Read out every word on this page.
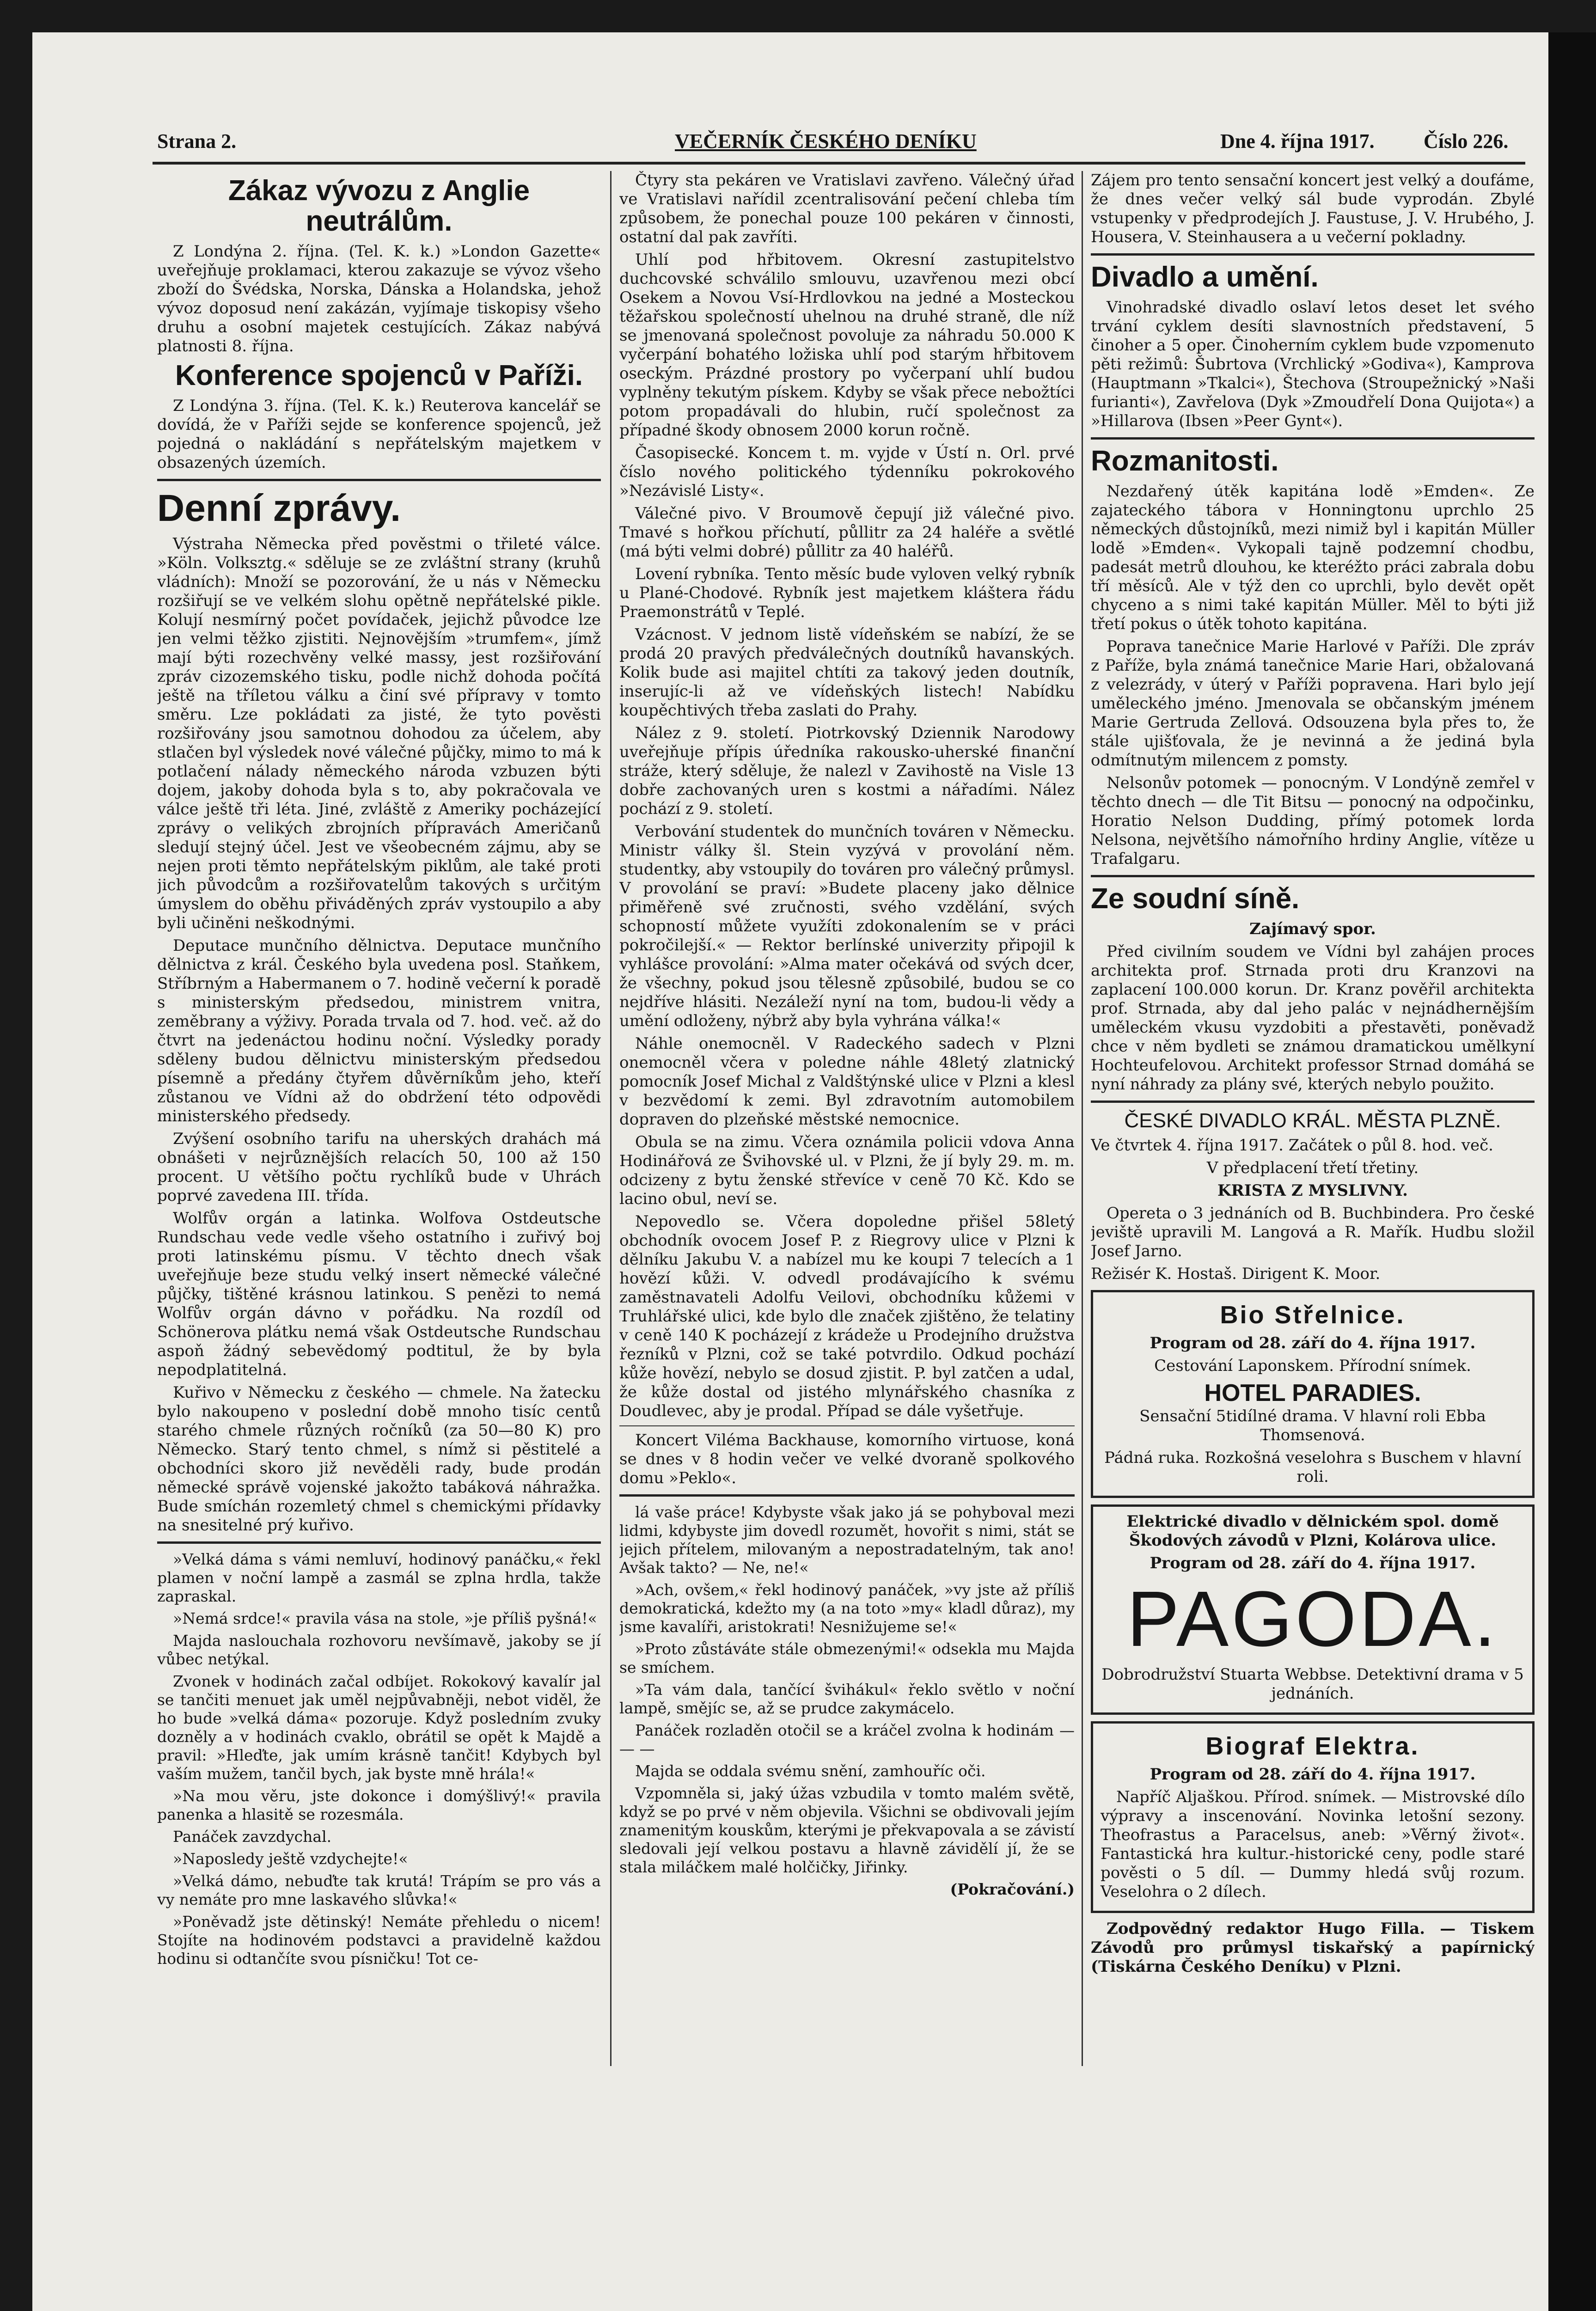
Strana 2.	VEČERNÍK ČESKÉHO DENÍKU	Dne 4. října 1917. Číslo 226.
Zákaz vývozu z Anglie neutrálům.

Z Londýna 2. října. (Tel. K. k.) »London Gazette« uveřejňuje proklamaci, kterou zakazuje se vývoz všeho zboží do Švédska, Norska, Dánska a Holandska, jehož vývoz doposud není zakázán, vyjímaje tiskopisy všeho druhu a osobní majetek cestujících. Zákaz nabývá platnosti 8. října.

Konference spojenců v Paříži.

Z Londýna 3. října. (Tel. K. k.) Reuterova kancelář se dovídá, že v Paříži sejde se konference spojenců, jež pojedná o nakládání s nepřátelským majetkem v obsazených územích.

Denní zprávy.

Výstraha Německa před pověstmi o třileté válce. »Köln. Volksztg.« sděluje se ze zvláštní strany (kruhů vládních): Množí se pozorování, že u nás v Německu rozšiřují se ve velkém slohu opětně nepřátelské pikle. Kolují nesmírný počet povídaček, jejichž původce lze jen velmi těžko zjistiti. Nejnovějším »trumfem«, jímž mají býti rozechvěny velké massy, jest rozšiřování zpráv cizozemského tisku, podle nichž dohoda počítá ještě na tříletou válku a činí své přípravy v tomto směru. Lze pokládati za jisté, že tyto pověsti rozšiřovány jsou samotnou dohodou za účelem, aby stlačen byl výsledek nové válečné půjčky, mimo to má k potlačení nálady německého národa vzbuzen býti dojem, jakoby dohoda byla s to, aby pokračovala ve válce ještě tři léta. Jiné, zvláště z Ameriky pocházející zprávy o velikých zbrojních přípravách Američanů sledují stejný účel. Jest ve všeobecném zájmu, aby se nejen proti těmto nepřátelským piklům, ale také proti jich původcům a rozšiřovatelům takových s určitým úmyslem do oběhu přiváděných zpráv vystoupilo a aby byli učiněni neškodnými.

Deputace munčního dělnictva. Deputace munčního dělnictva z král. Českého byla uvedena posl. Staňkem, Stříbrným a Habermanem o 7. hodině večerní k poradě s ministerským předsedou, ministrem vnitra, zeměbrany a výživy. Porada trvala od 7. hod. več. až do čtvrt na jedenáctou hodinu noční. Výsledky porady sděleny budou dělnictvu ministerským předsedou písemně a předány čtyřem důvěrníkům jeho, kteří zůstanou ve Vídni až do obdržení této odpovědi ministerského předsedy.

Zvýšení osobního tarifu na uherských drahách má obnášeti v nejrůznějších relacích 50, 100 až 150 procent. U většího počtu rychlíků bude v Uhrách poprvé zavedena III. třída.

Wolfův orgán a latinka. Wolfova Ostdeutsche Rundschau vede vedle všeho ostatního i zuřivý boj proti latinskému písmu. V těchto dnech však uveřejňuje beze studu velký insert německé válečné půjčky, tištěné krásnou latinkou. S penězi to nemá Wolfův orgán dávno v pořádku. Na rozdíl od Schönerova plátku nemá však Ostdeutsche Rundschau aspoň žádný sebevědomý podtitul, že by byla nepodplatitelná.

Kuřivo v Německu z českého — chmele. Na žatecku bylo nakoupeno v poslední době mnoho tisíc centů starého chmele různých ročníků (za 50—80 K) pro Německo. Starý tento chmel, s nímž si pěstitelé a obchodníci skoro již nevěděli rady, bude prodán německé správě vojenské jakožto tabáková náhražka. Bude smíchán rozemletý chmel s chemickými přídavky na snesitelné prý kuřivo.

»Velká dáma s vámi nemluví, hodinový panáčku,« řekl plamen v noční lampě a zasmál se zplna hrdla, takže zapraskal.

»Nemá srdce!« pravila vása na stole, »je příliš pyšná!«

Majda naslouchala rozhovoru nevšímavě, jakoby se jí vůbec netýkal.

Zvonek v hodinách začal odbíjet. Rokokový kavalír jal se tančiti menuet jak uměl nejpůvabněji, nebot viděl, že ho bude »velká dáma« pozoruje. Když posledním zvuky dozněly a v hodinách cvaklo, obrátil se opět k Majdě a pravil: »Hleďte, jak umím krásně tančit! Kdybych byl vaším mužem, tančil bych, jak byste mně hrála!«

»Na mou věru, jste dokonce i domýšlivý!« pravila panenka a hlasitě se rozesmála.

Panáček zavzdychal.

»Naposledy ještě vzdychejte!«

»Velká dámo, nebuďte tak krutá! Trápím se pro vás a vy nemáte pro mne laskavého slůvka!«

»Poněvadž jste dětinský! Nemáte přehledu o nicem! Stojíte na hodinovém podstavci a pravidelně každou hodinu si odtančíte svou písničku! Tot ce-

Čtyry sta pekáren ve Vratislavi zavřeno. Válečný úřad ve Vratislavi nařídil zcentralisování pečení chleba tím způsobem, že ponechal pouze 100 pekáren v činnosti, ostatní dal pak zavříti.

Uhlí pod hřbitovem. Okresní zastupitelstvo duchcovské schválilo smlouvu, uzavřenou mezi obcí Osekem a Novou Vsí-Hrdlovkou na jedné a Mosteckou těžařskou společností uhelnou na druhé straně, dle níž se jmenovaná společnost povoluje za náhradu 50.000 K vyčerpání bohatého ložiska uhlí pod starým hřbitovem oseckým. Prázdné prostory po vyčerpaní uhlí budou vyplněny tekutým pískem. Kdyby se však přece nebožtíci potom propadávali do hlubin, ručí společnost za případné škody obnosem 2000 korun ročně.

Časopisecké. Koncem t. m. vyjde v Ústí n. Orl. prvé číslo nového politického týdenníku pokrokového »Nezávislé Listy«.

Válečné pivo. V Broumově čepují již válečné pivo. Tmavé s hořkou příchutí, půllitr za 24 haléře a světlé (má býti velmi dobré) půllitr za 40 haléřů.

Lovení rybníka. Tento měsíc bude vyloven velký rybník u Plané-Chodové. Rybník jest majetkem kláštera řádu Praemonstrátů v Teplé.

Vzácnost. V jednom listě vídeňském se nabízí, že se prodá 20 pravých předválečných doutníků havanských. Kolik bude asi majitel chtíti za takový jeden doutník, inserujíc-li až ve vídeňských listech! Nabídku koupěchtivých třeba zaslati do Prahy.

Nález z 9. století. Piotrkovský Dziennik Narodowy uveřejňuje přípis úředníka rakousko-uherské finanční stráže, který sděluje, že nalezl v Zavihostě na Visle 13 dobře zachovaných uren s kostmi a nářadími. Nález pochází z 9. století.

Verbování studentek do munčních továren v Německu. Ministr války šl. Stein vyzývá v provolání něm. studentky, aby vstoupily do továren pro válečný průmysl. V provolání se praví: »Budete placeny jako dělnice přiměřeně své zručnosti, svého vzdělání, svých schopností můžete využíti zdokonalením se v práci pokročilejší.« — Rektor berlínské univerzity připojil k vyhlášce provolání: »Alma mater očekává od svých dcer, že všechny, pokud jsou tělesně způsobilé, budou se co nejdříve hlásiti. Nezáleží nyní na tom, budou-li vědy a umění odloženy, nýbrž aby byla vyhrána válka!«

Náhle onemocněl. V Radeckého sadech v Plzni onemocněl včera v poledne náhle 48letý zlatnický pomocník Josef Michal z Valdštýnské ulice v Plzni a klesl v bezvědomí k zemi. Byl zdravotním automobilem dopraven do plzeňské městské nemocnice.

Obula se na zimu. Včera oznámila policii vdova Anna Hodinářová ze Švihovské ul. v Plzni, že jí byly 29. m. m. odcizeny z bytu ženské střevíce v ceně 70 Kč. Kdo se lacino obul, neví se.

Nepovedlo se. Včera dopoledne přišel 58letý obchodník ovocem Josef P. z Riegrovy ulice v Plzni k dělníku Jakubu V. a nabízel mu ke koupi 7 telecích a 1 hovězí kůži. V. odvedl prodávajícího k svému zaměstnavateli Adolfu Veilovi, obchodníku kůžemi v Truhlářské ulici, kde bylo dle značek zjištěno, že telatiny v ceně 140 K pocházejí z krádeže u Prodejního družstva řezníků v Plzni, což se také potvrdilo. Odkud pochází kůže hovězí, nebylo se dosud zjistit. P. byl zatčen a udal, že kůže dostal od jistého mlynářského chasníka z Doudlevec, aby je prodal. Případ se dále vyšetřuje.

Koncert Viléma Backhause, komorního virtuose, koná se dnes v 8 hodin večer ve velké dvoraně spolkového domu »Peklo«.

lá vaše práce! Kdybyste však jako já se pohyboval mezi lidmi, kdybyste jim dovedl rozumět, hovořit s nimi, stát se jejich přítelem, milovaným a nepostradatelným, tak ano! Avšak takto? — Ne, ne!«

»Ach, ovšem,« řekl hodinový panáček, »vy jste až příliš demokratická, kdežto my (a na toto »my« kladl důraz), my jsme kavalíři, aristokrati! Nesnižujeme se!«

»Proto zůstáváte stále obmezenými!« odsekla mu Majda se smíchem.

»Ta vám dala, tančící švihákul« řeklo světlo v noční lampě, smějíc se, až se prudce zakymácelo.

Panáček rozladěn otočil se a kráčel zvolna k hodinám — — —

Majda se oddala svému snění, zamhouříc oči.

Vzpomněla si, jaký úžas vzbudila v tomto malém světě, když se po prvé v něm objevila. Všichni se obdivovali jejím znamenitým kouskům, kterými je překvapovala a se závistí sledovali její velkou postavu a hlavně závidělí jí, že se stala miláčkem malé holčičky, Jiřinky.

(Pokračování.)

Zájem pro tento sensační koncert jest velký a doufáme, že dnes večer velký sál bude vyprodán. Zbylé vstupenky v předprodejích J. Faustuse, J. V. Hrubého, J. Housera, V. Steinhausera a u večerní pokladny.

Divadlo a umění.

Vinohradské divadlo oslaví letos deset let svého trvání cyklem desíti slavnostních představení, 5 činoher a 5 oper. Činoherním cyklem bude vzpomenuto pěti režimů: Šubrtova (Vrchlický »Godiva«), Kamprova (Hauptmann »Tkalci«), Štechova (Stroupežnický »Naši furianti«), Zavřelova (Dyk »Zmoudřelí Dona Quijota«) a »Hillarova (Ibsen »Peer Gynt«).

Rozmanitosti.

Nezdařený útěk kapitána lodě »Emden«. Ze zajateckého tábora v Honningtonu uprchlo 25 německých důstojníků, mezi nimiž byl i kapitán Müller lodě »Emden«. Vykopali tajně podzemní chodbu, padesát metrů dlouhou, ke kteréžto práci zabrala dobu tří měsíců. Ale v týž den co uprchli, bylo devět opět chyceno a s nimi také kapitán Müller. Měl to býti již třetí pokus o útěk tohoto kapitána.

Poprava tanečnice Marie Harlové v Paříži. Dle zpráv z Paříže, byla známá tanečnice Marie Hari, obžalovaná z velezrády, v úterý v Paříži popravena. Hari bylo její uměleckého jméno. Jmenovala se občanským jménem Marie Gertruda Zellová. Odsouzena byla přes to, že stále ujišťovala, že je nevinná a že jediná byla odmítnutým milencem z pomsty.

Nelsonův potomek — ponocným. V Londýně zemřel v těchto dnech — dle Tit Bitsu — ponocný na odpočinku, Horatio Nelson Dudding, přímý potomek lorda Nelsona, největšího námořního hrdiny Anglie, vítěze u Trafalgaru.

Ze soudní síně.

Zajímavý spor.

Před civilním soudem ve Vídni byl zahájen proces architekta prof. Strnada proti dru Kranzovi na zaplacení 100.000 korun. Dr. Kranz pověřil architekta prof. Strnada, aby dal jeho palác v nejnádhernějším uměleckém vkusu vyzdobiti a přestavěti, poněvadž chce v něm bydleti se známou dramatickou umělkyní Hochteufelovou. Architekt professor Strnad domáhá se nyní náhrady za plány své, kterých nebylo použito.

ČESKÉ DIVADLO KRÁL. MĚSTA PLZNĚ.

Ve čtvrtek 4. října 1917. Začátek o půl 8. hod. več.

V předplacení třetí třetiny.

KRISTA Z MYSLIVNY.

Opereta o 3 jednáních od B. Buchbindera. Pro české jeviště upravili M. Langová a R. Mařík. Hudbu složil Josef Jarno.

Režisér K. Hostaš. Dirigent K. Moor.

Bio Střelnice.

Program od 28. září do 4. října 1917.

Cestování Laponskem. Přírodní snímek.

HOTEL PARADIES.

Sensační 5tidílné drama. V hlavní roli Ebba Thomsenová.

Pádná ruka. Rozkošná veselohra s Buschem v hlavní roli.

Elektrické divadlo v dělnickém spol. domě Škodových závodů v Plzni, Kolárova ulice.

Program od 28. září do 4. října 1917.

PAGODA.

Dobrodružství Stuarta Webbse. Detektivní drama v 5 jednáních.

Biograf Elektra.

Program od 28. září do 4. října 1917.

Napříč Aljaškou. Přírod. snímek. — Mistrovské dílo výpravy a inscenování. Novinka letošní sezony. Theofrastus a Paracelsus, aneb: »Věrný život«. Fantastická hra kultur.-historické ceny, podle staré pověsti o 5 díl. — Dummy hledá svůj rozum. Veselohra o 2 dílech.

Zodpovědný redaktor Hugo Filla. — Tiskem Závodů pro průmysl tiskařský a papírnický (Tiskárna Českého Deníku) v Plzni.
